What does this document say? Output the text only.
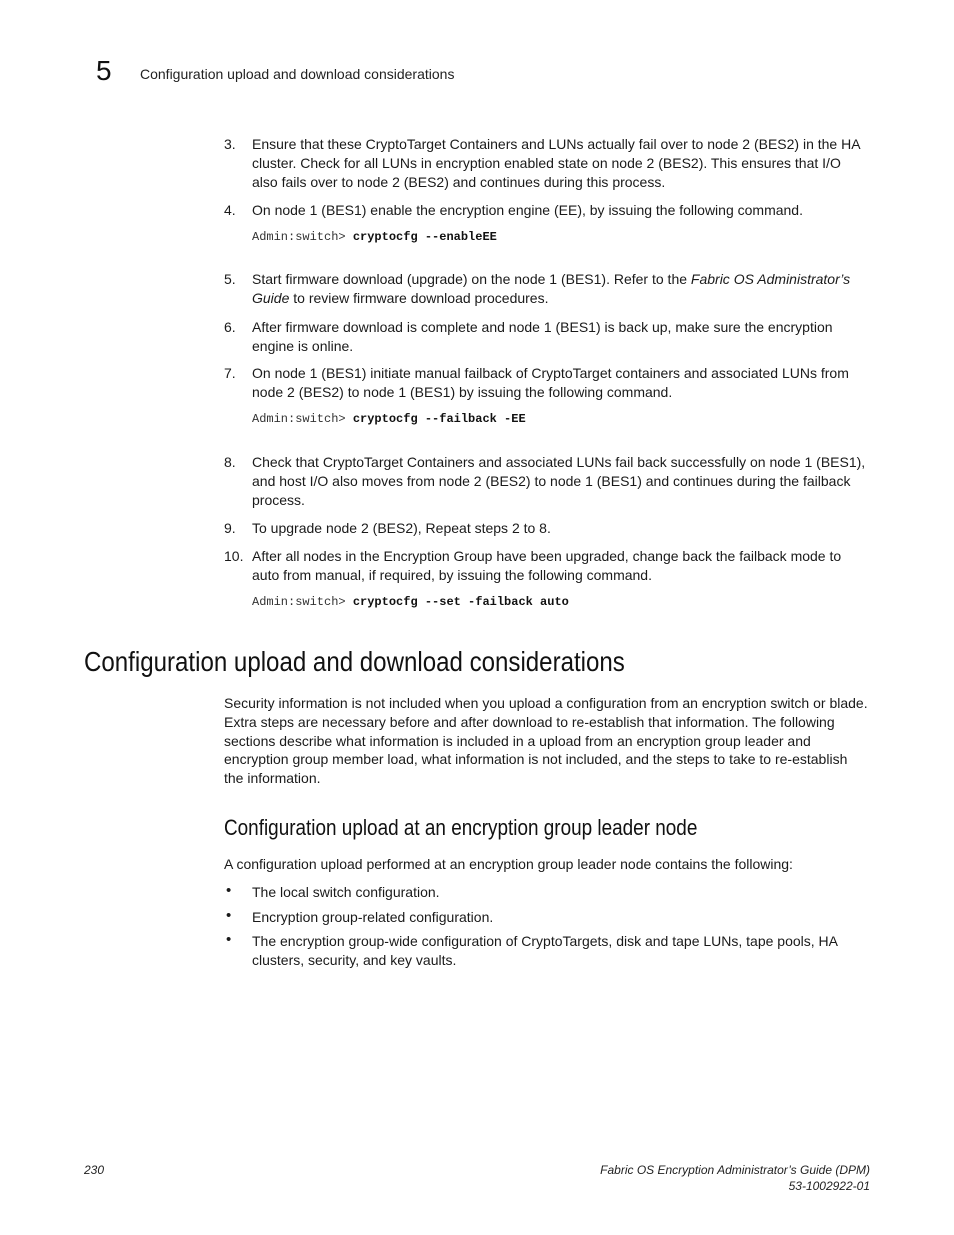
5 Configuration upload and download considerations
3. Ensure that these CryptoTarget Containers and LUNs actually fail over to node 2 (BES2) in the HA cluster. Check for all LUNs in encryption enabled state on node 2 (BES2). This ensures that I/O also fails over to node 2 (BES2) and continues during this process.
4. On node 1 (BES1) enable the encryption engine (EE), by issuing the following command.
Admin:switch> cryptocfg --enableEE
5. Start firmware download (upgrade) on the node 1 (BES1). Refer to the Fabric OS Administrator’s Guide to review firmware download procedures.
6. After firmware download is complete and node 1 (BES1) is back up, make sure the encryption engine is online.
7. On node 1 (BES1) initiate manual failback of CryptoTarget containers and associated LUNs from node 2 (BES2) to node 1 (BES1) by issuing the following command.
Admin:switch> cryptocfg --failback -EE
8. Check that CryptoTarget Containers and associated LUNs fail back successfully on node 1 (BES1), and host I/O also moves from node 2 (BES2) to node 1 (BES1) and continues during the failback process.
9. To upgrade node 2 (BES2), Repeat steps 2 to 8.
10. After all nodes in the Encryption Group have been upgraded, change back the failback mode to auto from manual, if required, by issuing the following command.
Admin:switch> cryptocfg --set -failback auto
Configuration upload and download considerations
Security information is not included when you upload a configuration from an encryption switch or blade. Extra steps are necessary before and after download to re-establish that information. The following sections describe what information is included in a upload from an encryption group leader and encryption group member load, what information is not included, and the steps to take to re-establish the information.
Configuration upload at an encryption group leader node
A configuration upload performed at an encryption group leader node contains the following:
• The local switch configuration.
• Encryption group-related configuration.
• The encryption group-wide configuration of CryptoTargets, disk and tape LUNs, tape pools, HA clusters, security, and key vaults.
230	Fabric OS Encryption Administrator’s Guide (DPM)
53-1002922-01
